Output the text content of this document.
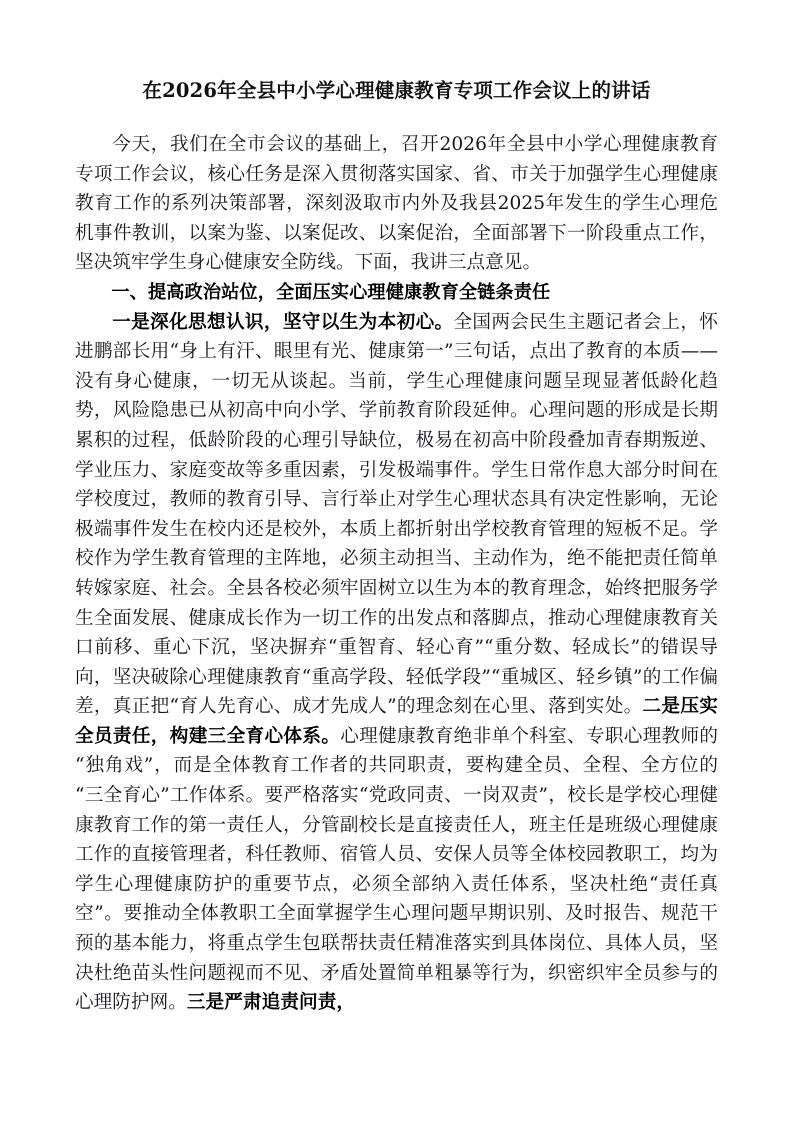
在2026年全县中小学心理健康教育专项工作会议上的讲话

今天，我们在全市会议的基础上，召开2026年全县中小学心理健康教育专项工作会议，核心任务是深入贯彻落实国家、省、市关于加强学生心理健康教育工作的系列决策部署，深刻汲取市内外及我县2025年发生的学生心理危机事件教训，以案为鉴、以案促改、以案促治，全面部署下一阶段重点工作，坚决筑牢学生身心健康安全防线。下面，我讲三点意见。

一、提高政治站位，全面压实心理健康教育全链条责任

一是深化思想认识，坚守以生为本初心。全国两会民生主题记者会上，怀进鹏部长用“身上有汗、眼里有光、健康第一”三句话，点出了教育的本质——没有身心健康，一切无从谈起。当前，学生心理健康问题呈现显著低龄化趋势，风险隐患已从初高中向小学、学前教育阶段延伸。心理问题的形成是长期累积的过程，低龄阶段的心理引导缺位，极易在初高中阶段叠加青春期叛逆、学业压力、家庭变故等多重因素，引发极端事件。学生日常作息大部分时间在学校度过，教师的教育引导、言行举止对学生心理状态具有决定性影响，无论极端事件发生在校内还是校外，本质上都折射出学校教育管理的短板不足。学校作为学生教育管理的主阵地，必须主动担当、主动作为，绝不能把责任简单转嫁家庭、社会。全县各校必须牢固树立以生为本的教育理念，始终把服务学生全面发展、健康成长作为一切工作的出发点和落脚点，推动心理健康教育关口前移、重心下沉，坚决摒弃“重智育、轻心育”“重分数、轻成长”的错误导向，坚决破除心理健康教育“重高学段、轻低学段”“重城区、轻乡镇”的工作偏差，真正把“育人先育心、成才先成人”的理念刻在心里、落到实处。二是压实全员责任，构建三全育心体系。心理健康教育绝非单个科室、专职心理教师的“独角戏”，而是全体教育工作者的共同职责，要构建全员、全程、全方位的“三全育心”工作体系。要严格落实“党政同责、一岗双责”，校长是学校心理健康教育工作的第一责任人，分管副校长是直接责任人，班主任是班级心理健康工作的直接管理者，科任教师、宿管人员、安保人员等全体校园教职工，均为学生心理健康防护的重要节点，必须全部纳入责任体系，坚决杜绝“责任真空”。要推动全体教职工全面掌握学生心理问题早期识别、及时报告、规范干预的基本能力，将重点学生包联帮扶责任精准落实到具体岗位、具体人员，坚决杜绝苗头性问题视而不见、矛盾处置简单粗暴等行为，织密织牢全员参与的心理防护网。三是严肃追责问责，
